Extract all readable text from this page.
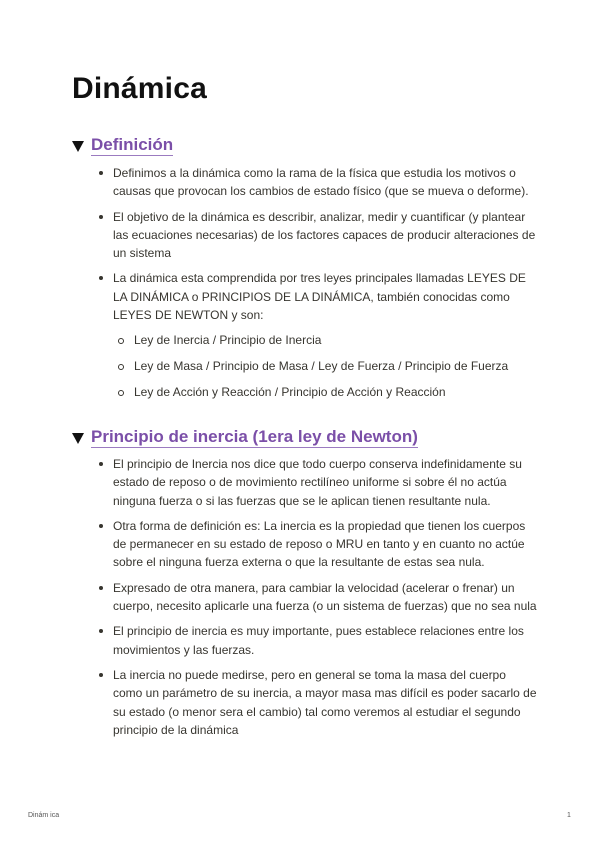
Dinámica
Definición
Definimos a la dinámica como la rama de la física que estudia los motivos o causas que provocan los cambios de estado físico (que se mueva o deforme).
El objetivo de la dinámica es describir, analizar, medir y cuantificar (y plantear las ecuaciones necesarias) de los factores capaces de producir alteraciones de un sistema
La dinámica esta comprendida por tres leyes principales llamadas LEYES DE LA DINÁMICA o PRINCIPIOS DE LA DINÁMICA, también conocidas como LEYES DE NEWTON y son:
Ley de Inercia / Principio de Inercia
Ley de Masa / Principio de Masa / Ley de Fuerza / Principio de Fuerza
Ley de Acción y Reacción / Principio de Acción y Reacción
Principio de inercia (1era ley de Newton)
El principio de Inercia nos dice que todo cuerpo conserva indefinidamente su estado de reposo o de movimiento rectilíneo uniforme si sobre él no actúa ninguna fuerza o si las fuerzas que se le aplican tienen resultante nula.
Otra forma de definición es: La inercia es la propiedad que tienen los cuerpos de permanecer en su estado de reposo o MRU en tanto y en cuanto no actúe sobre el ninguna fuerza externa o que la resultante de estas sea nula.
Expresado de otra manera, para cambiar la velocidad (acelerar o frenar) un cuerpo, necesito aplicarle una fuerza (o un sistema de fuerzas) que no sea nula
El principio de inercia es muy importante, pues establece relaciones entre los movimientos y las fuerzas.
La inercia no puede medirse, pero en general se toma la masa del cuerpo como un parámetro de su inercia, a mayor masa mas difícil es poder sacarlo de su estado (o menor sera el cambio) tal como veremos al estudiar el segundo principio de la dinámica
Dinám ica	1
